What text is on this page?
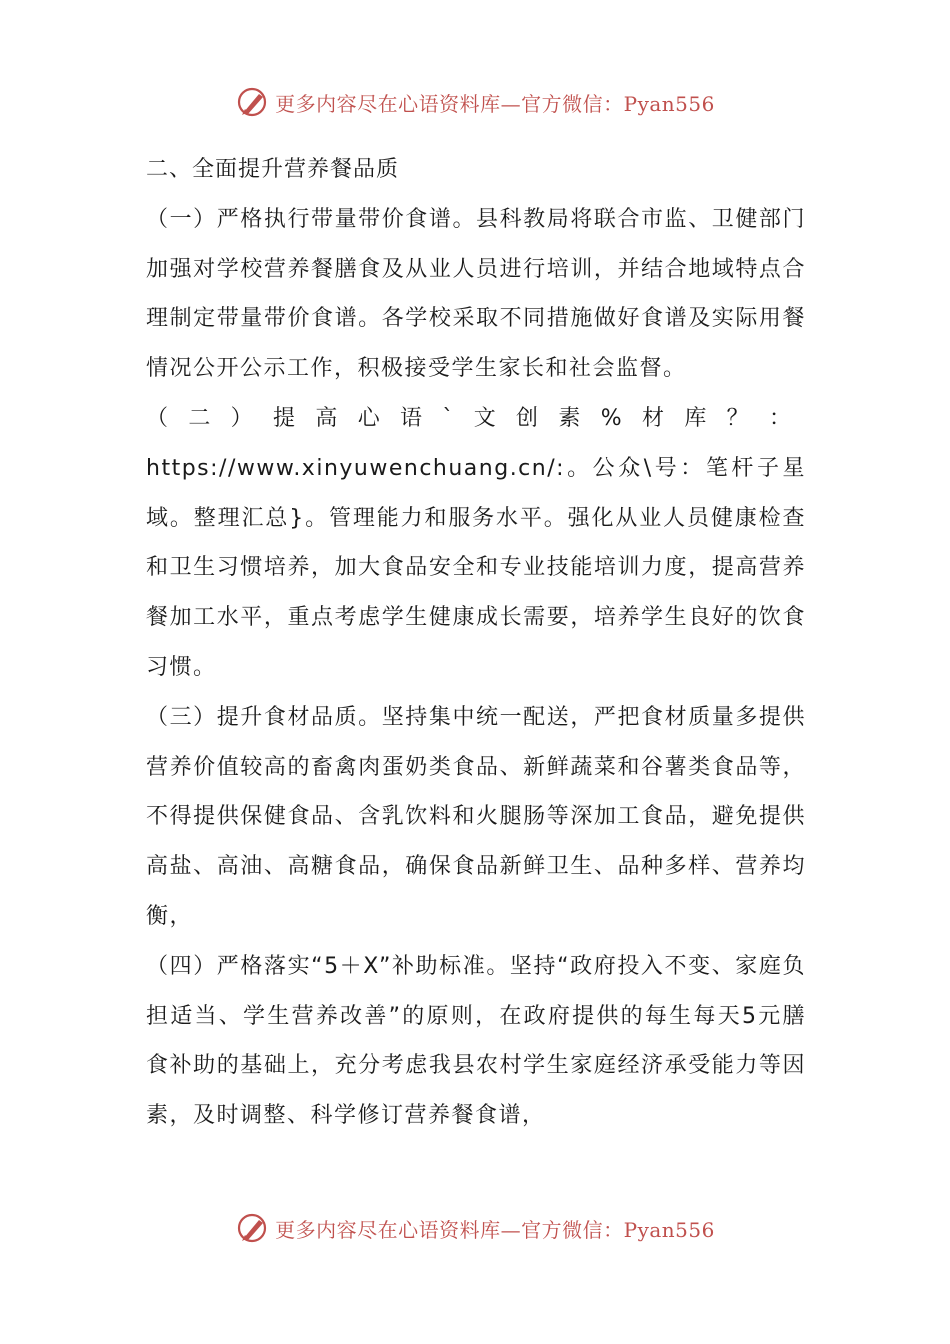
更多内容尽在心语资料库—官方微信：Pyan556

二、全面提升营养餐品质

（一）严格执行带量带价食谱。县科教局将联合市监、卫健部门加强对学校营养餐膳食及从业人员进行培训，并结合地域特点合理制定带量带价食谱。各学校采取不同措施做好食谱及实际用餐情况公开公示工作，积极接受学生家长和社会监督。

（二）提高心语`文创素%材库？：

https://www.xinyuwenchuang.cn/:。公众\号：笔杆子星域。整理汇总}。管理能力和服务水平。强化从业人员健康检查和卫生习惯培养，加大食品安全和专业技能培训力度，提高营养餐加工水平，重点考虑学生健康成长需要，培养学生良好的饮食习惯。

（三）提升食材品质。坚持集中统一配送，严把食材质量多提供营养价值较高的畜禽肉蛋奶类食品、新鲜蔬菜和谷薯类食品等，不得提供保健食品、含乳饮料和火腿肠等深加工食品，避免提供高盐、高油、高糖食品，确保食品新鲜卫生、品种多样、营养均衡，

（四）严格落实“5＋X”补助标准。坚持“政府投入不变、家庭负担适当、学生营养改善”的原则，在政府提供的每生每天5元膳食补助的基础上，充分考虑我县农村学生家庭经济承受能力等因素，及时调整、科学修订营养餐食谱，

更多内容尽在心语资料库—官方微信：Pyan556
